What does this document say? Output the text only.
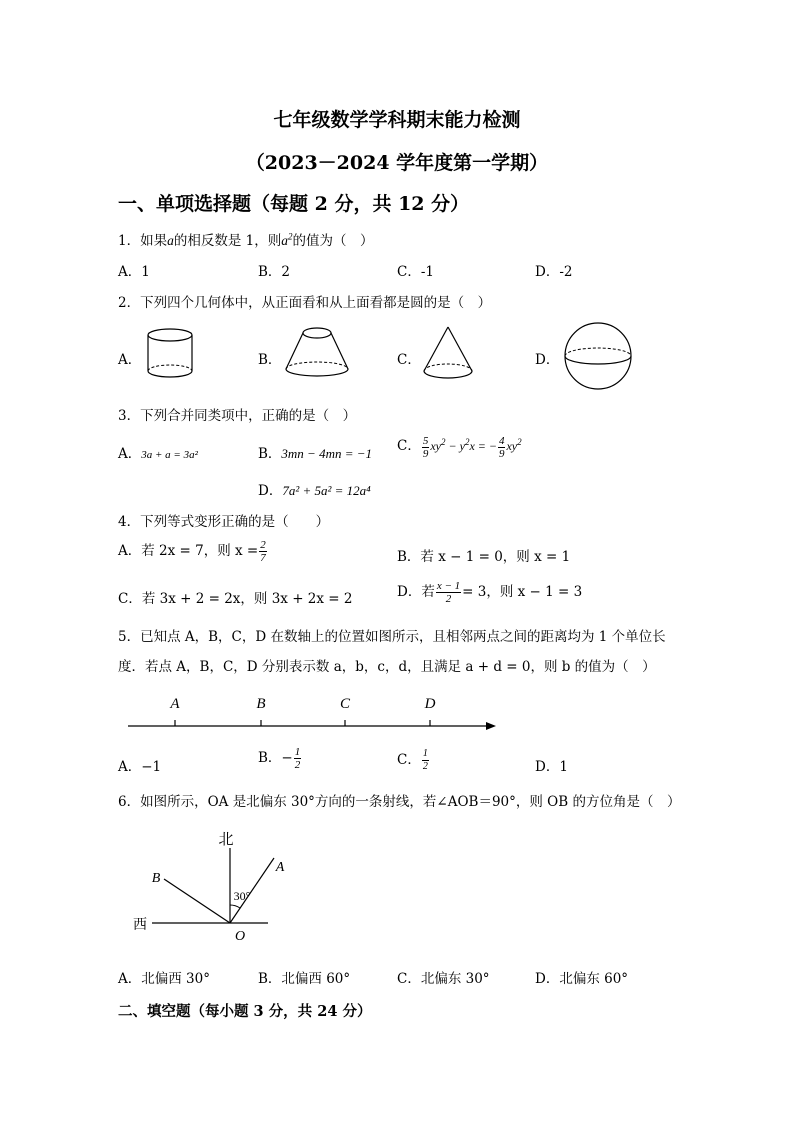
七年级数学学科期末能力检测
（2023－2024 学年度第一学期）
一、单项选择题（每题 2 分，共 12 分）
1．如果a的相反数是 1，则$a^2$的值为（　）
A．1	B．2	C．-1	D．-2
2．下列四个几何体中，从正面看和从上面看都是圆的是（　）
A．	B．	C．	D．
3．下列合并同类项中，正确的是（　）
A．3a + a = 3a²	B．3mn − 4mn = −1 C． $\frac{5}{9} xy^2 - y^2x$ = − $\frac{4}{9} xy^2$
D．7a² + 5a² = 12a⁴
4．下列等式变形正确的是（　　）
A．若 2x = 7，则 $x = \frac{2}{7}$	B．若 x − 1 = 0，则 x = 1
C．若 3x + 2 = 2x，则 3x + 2x = 2	D．若 $\frac{x - 1}{2} = 3$，则 x − 1 = 3
5．已知点 A，B，C，D 在数轴上的位置如图所示，且相邻两点之间的距离均为 1 个单位长
度．若点 A，B，C，D 分别表示数 a，b，c，d，且满足 a + d = 0，则 b 的值为（　）
A	B	C	D
A．−1
B．− $\frac{1}{2}$	C． $\frac{1}{2}$	D．1
6．如图所示，OA 是北偏东 30°方向的一条射线，若∠AOB＝90°，则 OB 的方位角是（　）
北
西
A
B
O
30°
A．北偏西 30°	B．北偏西 60°	C．北偏东 30°	D．北偏东 60°
二、填空题（每小题 3 分，共 24 分）
